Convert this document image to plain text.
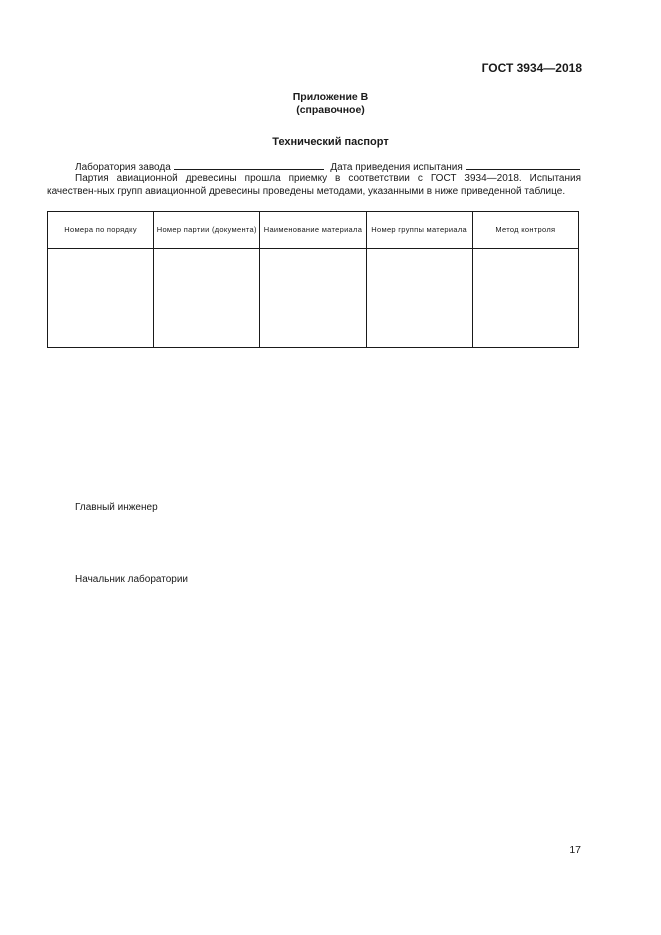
ГОСТ 3934—2018
Приложение В
(справочное)
Технический паспорт
Лаборатория завода	Дата приведения испытания
Партия авиационной древесины прошла приемку в соответствии с ГОСТ 3934—2018. Испытания качествен-ных групп авиационной древесины проведены методами, указанными в ниже приведенной таблице.
Номера по порядку	Номер партии (документа)	Наименование материала	Номер группы материала	Метод контроля

Главный инженер
Начальник лаборатории
17
